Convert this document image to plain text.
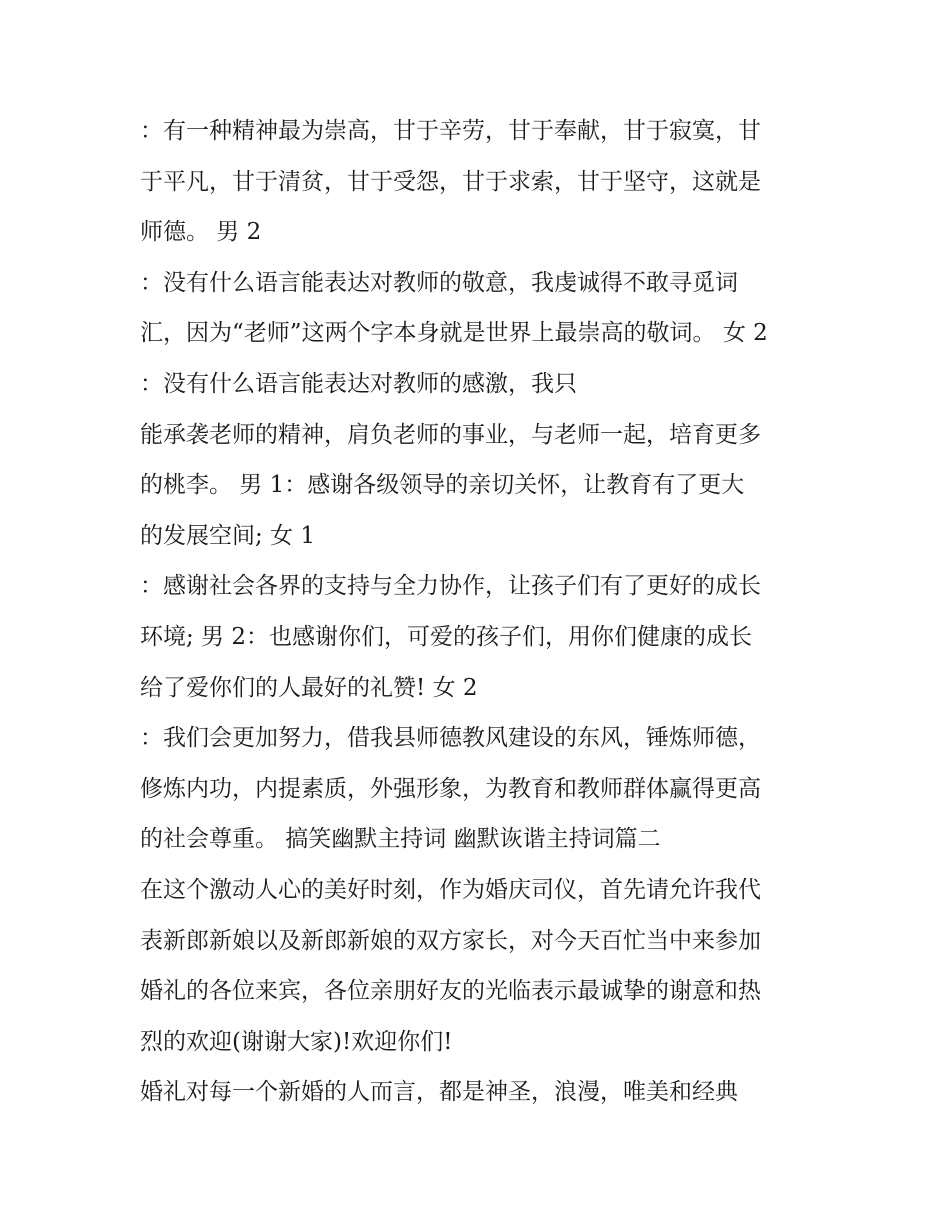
：有一种精神最为崇高，甘于辛劳，甘于奉献，甘于寂寞，甘
于平凡，甘于清贫，甘于受怨，甘于求索，甘于坚守，这就是
师德。 男 2
：没有什么语言能表达对教师的敬意，我虔诚得不敢寻觅词
汇，因为“老师”这两个字本身就是世界上最崇高的敬词。 女 2
：没有什么语言能表达对教师的感激，我只
能承袭老师的精神，肩负老师的事业，与老师一起，培育更多
的桃李。 男 1：感谢各级领导的亲切关怀，让教育有了更大
的发展空间; 女 1
：感谢社会各界的支持与全力协作，让孩子们有了更好的成长
环境; 男 2：也感谢你们，可爱的孩子们，用你们健康的成长
给了爱你们的人最好的礼赞! 女 2
：我们会更加努力，借我县师德教风建设的东风，锤炼师德，
修炼内功，内提素质，外强形象，为教育和教师群体赢得更高
的社会尊重。 搞笑幽默主持词 幽默诙谐主持词篇二
在这个激动人心的美好时刻，作为婚庆司仪，首先请允许我代
表新郎新娘以及新郎新娘的双方家长，对今天百忙当中来参加
婚礼的各位来宾，各位亲朋好友的光临表示最诚挚的谢意和热
烈的欢迎(谢谢大家)!欢迎你们!
婚礼对每一个新婚的人而言，都是神圣，浪漫，唯美和经典
